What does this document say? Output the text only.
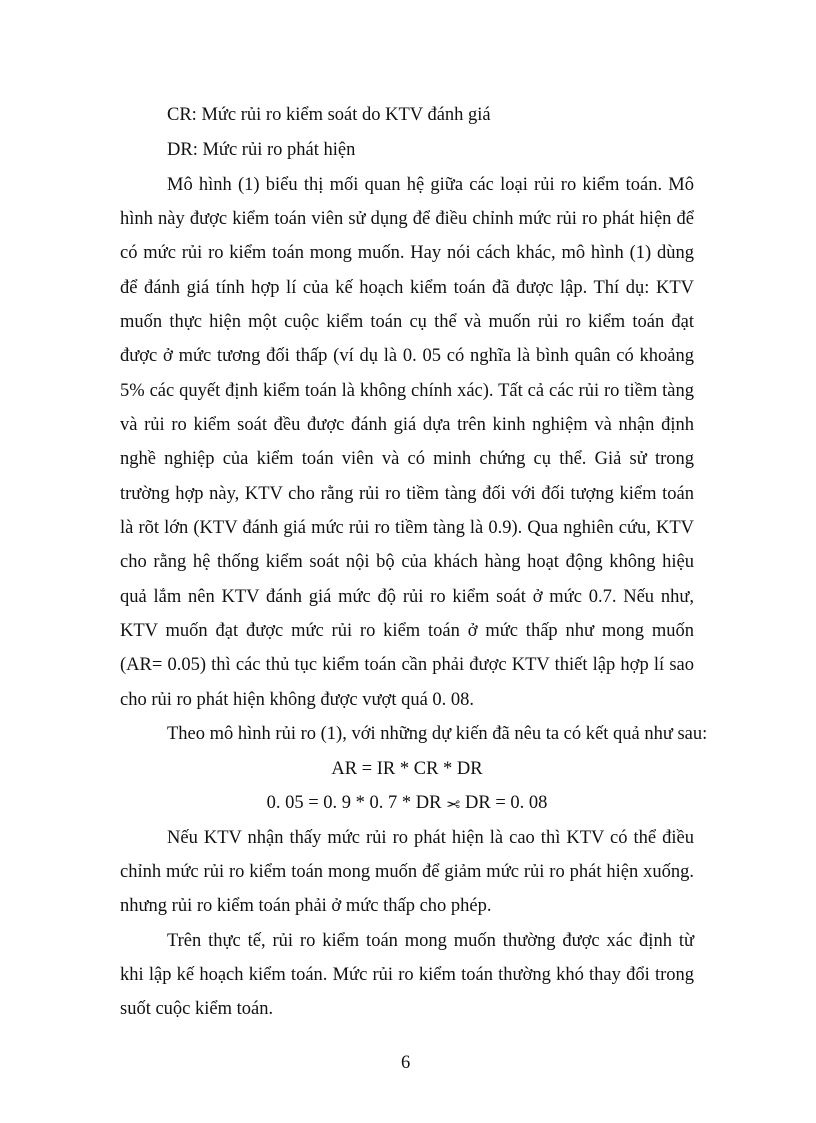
CR: Mức rủi ro kiểm soát do KTV đánh giá
DR: Mức rủi ro phát hiện
Mô hình (1) biểu thị mối quan hệ giữa các loại rủi ro kiểm toán. Mô
hình này được kiểm toán viên sử dụng để điều chỉnh mức rủi ro phát hiện để
có mức rủi ro kiểm toán mong muốn. Hay nói cách khác, mô hình (1) dùng
để đánh giá tính hợp lí của kế hoạch kiểm toán đã được lập. Thí dụ: KTV
muốn thực hiện một cuộc kiểm toán cụ thể và muốn rủi ro kiểm toán đạt
được ở mức tương đối thấp (ví dụ là 0. 05 có nghĩa là bình quân có khoảng
5% các quyết định kiểm toán là không chính xác). Tất cả các rủi ro tiềm tàng
và rủi ro kiểm soát đều được đánh giá dựa trên kinh nghiệm và nhận định
nghề nghiệp của kiểm toán viên và có minh chứng cụ thể. Giả sử trong
trường hợp này, KTV cho rằng rủi ro tiềm tàng đối với đối tượng kiểm toán
là rõt lớn (KTV đánh giá mức rủi ro tiềm tàng là 0.9). Qua nghiên cứu, KTV
cho rằng hệ thống kiểm soát nội bộ của khách hàng hoạt động không hiệu
quả lắm nên KTV đánh giá mức độ rủi ro kiểm soát ở mức 0.7. Nếu như,
KTV muốn đạt được mức rủi ro kiểm toán ở mức thấp như mong muốn
(AR= 0.05) thì các thủ tục kiểm toán cần phải được KTV thiết lập hợp lí sao
cho rủi ro phát hiện không được vượt quá 0. 08.
Theo mô hình rủi ro (1), với những dự kiến đã nêu ta có kết quả như sau:
AR = IR * CR * DR
0. 05 = 0. 9 * 0. 7 * DR ✂ DR = 0. 08
Nếu KTV nhận thấy mức rủi ro phát hiện là cao thì KTV có thể điều
chỉnh mức rủi ro kiểm toán mong muốn để giảm mức rủi ro phát hiện xuống.
nhưng rủi ro kiểm toán phải ở mức thấp cho phép.
Trên thực tế, rủi ro kiểm toán mong muốn thường được xác định từ
khi lập kế hoạch kiểm toán. Mức rủi ro kiểm toán thường khó thay đổi trong
suốt cuộc kiểm toán.
6
